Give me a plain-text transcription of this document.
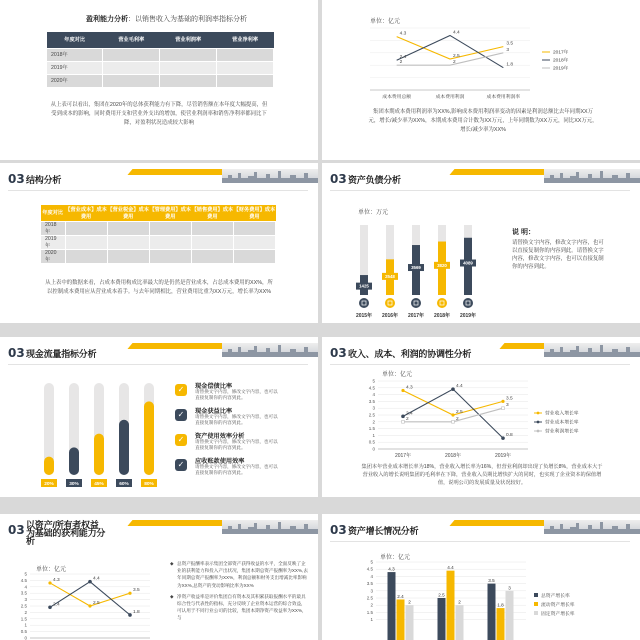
盈利能力分析：以销售收入为基础的利润率指标分析
年度对比	营业毛利率	营业利润率	营业净利率
2018年			
2019年			
2020年			
从上表可以看出，集团在2020年的总体获利能力有下降，尽管销售额在本年度大幅提高，但受到成本的影响，同时费用开支和营业外支出的增加，使营业利润率和销售净利率都同比下降，对盈利状况造成较大影响
单位：亿元
成本费用总额	成本费用利润	成本费用利润率
4.3
2.5
3.5
2.4
4.4
1.8
2	2
3
2017年
2018年
2019年
集团本期成本费用利润率为XX%,影响成本费用利润率变动的因素是利润总额比去年同期XX万元，增长/减少率为XX%，本期成本费用合计数为XX万元，上年同期数为XX万元，同比XX万元，增长/减少率为XX%
03 结构分析
年度对比	【营业成本】成本费用	【营业税金】成本费用	【管理费用】成本费用	【销售费用】成本费用	【财务费用】成本费用
2018年					
2019年					
2020年					
从上表中的数据来看，占成本费用构成比率最大的是仍然是营业成本，占总成本费用的XX%，所以控制成本费用应从营业成本着手。与去年同期相比，营业费用比重为XX万元，增长率为XX%
03 资产负债分析
单位：万元
1425
2015年
2548
2016年
3569
2017年
3820
2018年
4089
2019年
说 明：
请替换文字内容，修改文字内容，也可以直接复制你的内容到此。请替换文字内容，修改文字内容，也可以直接复制你的内容到此。
03 现金流量指标分析
20%	30%	45%	60%	80%
✓	现金偿债比率
请替换文字内容，修改文字内容，也可以直接复制你的内容到此。
✓	现金获益比率
请替换文字内容，修改文字内容，也可以直接复制你的内容到此。
✓	资产使用效率分析
请替换文字内容，修改文字内容，也可以直接复制你的内容到此。
✓	应收账款使用效率
请替换文字内容，修改文字内容，也可以直接复制你的内容到此。
03 收入、成本、利润的协调性分析
单位：亿元
0
0.5
1
1.5
2
2.5
3
3.5
4
4.5
5
2017年	2018年	2019年
4.3
2.5
3.5
2.4
4.4
0.8
2	2
3
营业收入增长率
营业成本增长率
营业利润增长率
集团本年营业成本增长率为18%，营业收入增长率为16%，但营业利润却出现了负增长8%，营业成本大于营业收入的增长说明集团的毛利率在下降，营业收入员期比增快扩大的同时，也实现了企业资本的保值增值，说明公司的发展质量及状况较好。
03 以资产/所有者权益为基础的获利能力分析
单位：亿元
0
0.5
1
1.5
2
2.5
3
3.5
4
4.5
5
4.3
2.5
3.5
2.4
4.4
1.8
◆ 总资产报酬率表示集团全部资产获得收益的水平，全面反映了企业的获利能力和投入产出状况，集团本期总资产报酬率为XX%,去年同期总资产报酬率为XX%，利润总额和财务支出增减比率影响为XX%,总资产的变动影响比率为XX%
◆ 净资产收益率是评价集团自有资本及其积累获取报酬水平的最具综合性与代表性的指标，充分反映了企业资本运营的综合效益，可认用于不同行业公司的比较，集团本期净资产收益率为XX%，与
03 资产增长情况分析
单位：亿元
1
1.5
2
2.5
3
3.5
4
4.5
5
4.3
2.5
3.5
总资产增长率
2.4
4.4
1.8	流动资产增长率
2	2
3
固定资产增长率
